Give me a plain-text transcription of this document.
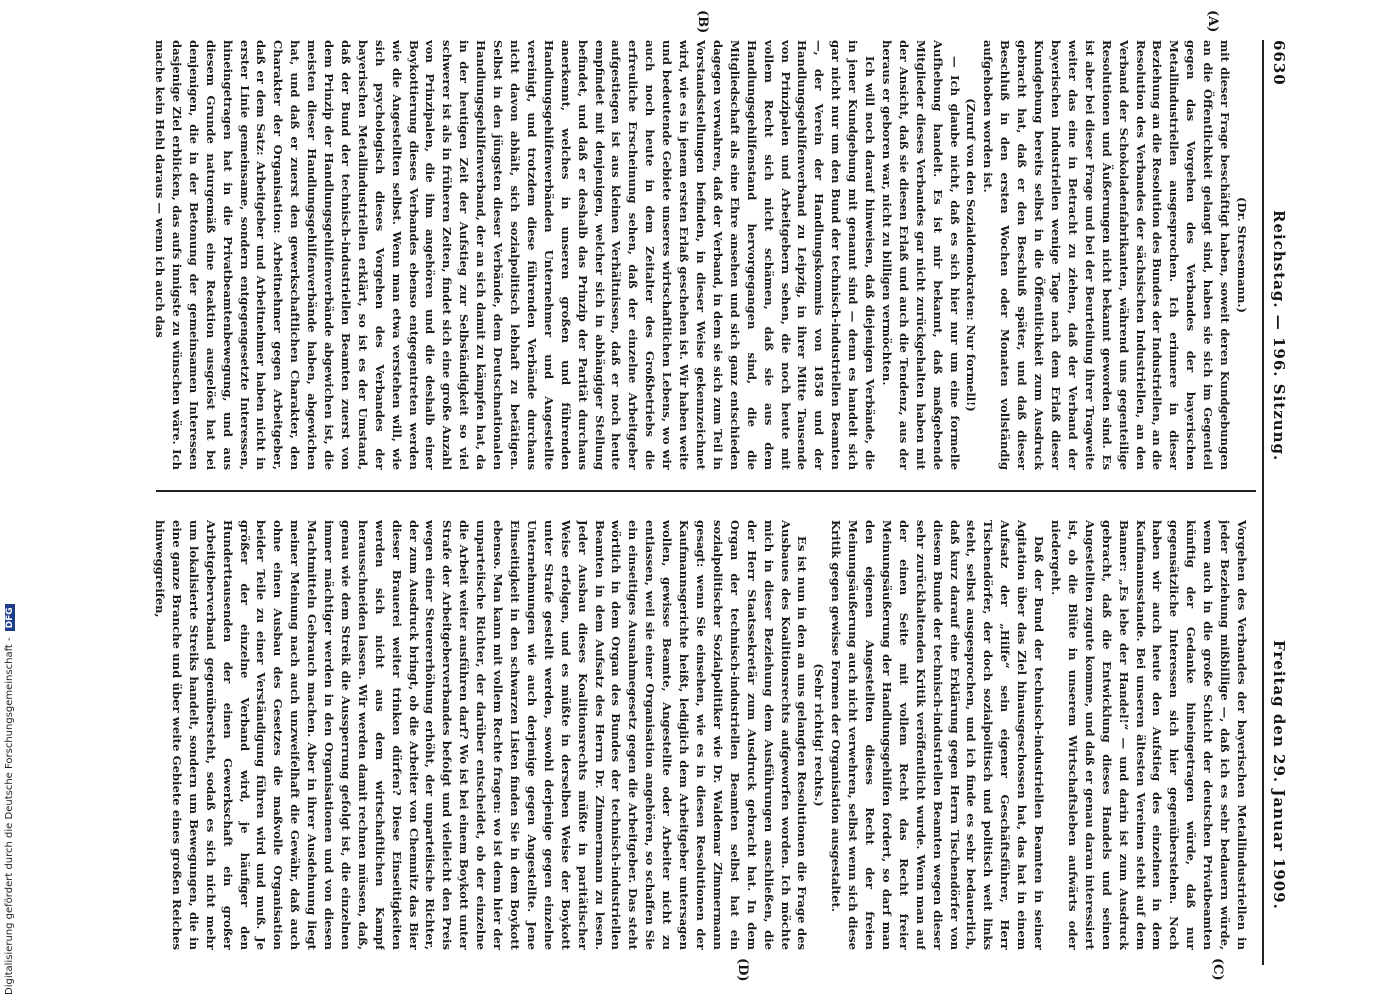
Digitalisierung gefördert durch die Deutsche Forschungsgemeinschaft -DFG
6630
Reichstag. — 196. Sitzung.
Freitag den 29. Januar 1909.
(A)
(B)
(C)
(D)

(Dr. Stresemann.)

mit dieser Frage beschäftigt haben, soweit deren Kundgebungen an die Öffentlichkeit gelangt sind, haben sie sich im Gegenteil gegen das Vorgehen des Verbandes der bayerischen Metallindustriellen ausgesprochen. Ich erinnere in dieser Beziehung an die Resolution des Bundes der Industriellen, an die Resolution des Verbandes der sächsischen Industriellen, an den Verband der Schokoladenfabrikanten, während uns gegenteilige Resolutionen und Äußerungen nicht bekannt geworden sind. Es ist aber bei dieser Frage und bei der Beurteilung ihrer Tragweite weiter das eine in Betracht zu ziehen, daß der Verband der bayerischen Industriellen wenige Tage nach dem Erlaß dieser Kundgebung bereits selbst in die Öffentlichkeit zum Ausdruck gebracht hat, daß er den Beschluß später, und daß dieser Beschluß in den ersten Wochen oder Monaten vollständig aufgehoben worden ist.

(Zuruf von den Sozialdemokraten: Nur formell!)

— Ich glaube nicht, daß es sich hier nur um eine formelle Aufhebung handelt. Es ist mir bekannt, daß maßgebende Mitglieder dieses Verbandes gar nicht zurückgehalten haben mit der Ansicht, daß sie diesen Erlaß und auch die Tendenz, aus der heraus er geboren war, nicht zu billigen vermöchten.

Ich will noch darauf hinweisen, daß diejenigen Verbände, die in jener Kundgebung mit genannt sind — denn es handelt sich gar nicht nur um den Bund der technisch-industriellen Beamten —, der Verein der Handlungskommis von 1858 und der Handlungsgehilfenverband zu Leipzig, in ihrer Mitte Tausende von Prinzipalen und Arbeitgebern sehen, die noch heute mit vollem Recht sich nicht schämen, daß sie aus dem Handlungsgehilfenstand hervorgegangen sind, die die Mitgliedschaft als eine Ehre ansehen und sich ganz entschieden dagegen verwahren, daß der Verband, in dem sie sich zum Teil in Vorstandsstellungen befinden, in dieser Weise gekennzeichnet wird, wie es in jenem ersten Erlaß geschehen ist. Wir haben weite und bedeutende Gebiete unseres wirtschaftlichen Lebens, wo wir auch noch heute in dem Zeitalter des Großbetriebs die erfreuliche Erscheinung sehen, daß der einzelne Arbeitgeber aufgestiegen ist aus kleinen Verhältnissen, daß er noch heute empfindet mit denjenigen, welcher sich in abhängiger Stellung befindet, und daß er deshalb das Prinzip der Parität durchaus anerkennt, welches in unseren großen und führenden Handlungsgehilfenverbänden Unternehmer und Angestellte vereinigt, und trotzdem diese führenden Verbände durchaus nicht davon abhält, sich sozialpolitisch lebhaft zu betätigen. Selbst in den jüngsten dieser Verbände, dem Deutschnationalen Handlungsgehilfenverband, der an sich damit zu kämpfen hat, da in der heutigen Zeit der Aufstieg zur Selbständigkeit so viel schwerer ist als in früheren Zeiten, findet sich eine große Anzahl von Prinzipalen, die ihm angehören und die deshalb einer Boykottierung dieses Verbandes ebenso entgegentreten werden wie die Angestellten selbst. Wenn man etwa verstehen will, wie sich psychologisch dieses Vorgehen des Verbandes der bayerischen Metallindustriellen erklärt, so ist es der Umstand, daß der Bund der technisch-industriellen Beamten zuerst von dem Prinzip der Handlungsgehilfenverbände abgewichen ist, die meisten dieser Handlungsgehilfenverbände haben, abgewichen hat, und daß er zuerst den gewerkschaftlichen Charakter, den Charakter der Organisation: Arbeitnehmer gegen Arbeitgeber, daß er dem Satz: Arbeitgeber und Arbeitnehmer haben nicht in erster Linie gemeinsame, sondern entgegengesetzte Interessen, hineingetragen hat in die Privatbeamtenbewegung, und aus diesem Grunde naturgemäß eine Reaktion ausgelöst hat bei denjenigen, die in der Betonung der gemeinsamen Interessen dasjenige Ziel erblicken, das aufs innigste zu wünschen wäre. Ich mache kein Hehl daraus — wenn ich auch das

Vorgehen des Verbandes der bayerischen Metallindustriellen in jeder Beziehung mißbillige —, daß ich es sehr bedauern würde, wenn auch in die große Schicht der deutschen Privatbeamten künftig der Gedanke hineingetragen würde, daß nur gegensätzliche Interessen sich hier gegenüberstehen. Noch haben wir auch heute den Aufstieg des einzelnen in dem Kaufmannsstande. Bei unseren ältesten Vereinen steht auf dem Banner: „Es lebe der Handel!“ — und darin ist zum Ausdruck gebracht, daß die Entwicklung dieses Handels und seinen Angestellten zugute komme, und daß er genau daran interessiert ist, ob die Blüte in unserem Wirtschaftsleben aufwärts oder niedergeht.

Daß der Bund der technisch-industriellen Beamten in seiner Agitation über das Ziel hinausgeschossen hat, das hat in einem Aufsatz der „Hilfe“ sein eigener Geschäftsführer, Herr Tischendörfer, der doch sozialpolitisch und politisch weit links steht, selbst ausgesprochen, und ich finde es sehr bedauerlich, daß kurz darauf eine Erklärung gegen Herrn Tischendörfer von diesem Bunde der technisch-industriellen Beamten wegen dieser sehr zurückhaltenden Kritik veröffentlicht wurde. Wenn man auf der einen Seite mit vollem Recht das Recht freier Meinungsäußerung der Handlungsgehilfen fordert, so darf man den eigenen Angestellten dieses Recht der freien Meinungsäußerung auch nicht verwehren, selbst wenn sich diese Kritik gegen gewisse Formen der Organisation ausgestaltet.

(Sehr richtig! rechts.)

Es ist nun in den an uns gelangten Resolutionen die Frage des Ausbaues des Koalitionsrechts aufgeworfen worden. Ich möchte mich in dieser Beziehung dem Ausführungen anschließen, die der Herr Staatssekretär zum Ausdruck gebracht hat. In dem Organ der technisch-industriellen Beamten selbst hat ein sozialpolitischer Sozialpolitiker wie Dr. Waldemar Zimmermann gesagt: wenn Sie einsehen, wie es in diesen Resolutionen der Kaufmannsgerichte heißt, lediglich dem Arbeitgeber untersagen wollen, gewisse Beamte, Angestellte oder Arbeiter nicht zu entlassen, weil sie einer Organisation angehören, so schaffen Sie ein einseitiges Ausnahmegesetz gegen die Arbeitgeber. Das steht wörtlich in dem Organ des Bundes der technisch-industriellen Beamten in dem Aufsatz des Herrn Dr. Zimmermann zu lesen. Jeder Ausbau dieses Koalitionsrechts müßte in paritätischer Weise erfolgen, und es müßte in derselben Weise der Boykott unter Strafe gestellt werden, sowohl derjenige gegen einzelne Unternehmungen wie auch derjenige gegen Angestellte. Jene Einseitigkeit in den schwarzen Listen finden Sie in dem Boykott ebenso. Man kann mit vollem Rechte fragen: wo ist denn hier der unparteiische Richter, der darüber entscheidet, ob der einzelne die Arbeit weiter ausführen darf? Wo ist bei einem Boykott unter Strafe der Arbeitgeberverbandes befolgt und vielleicht den Preis wegen einer Steuererhöhung erhöht, der unparteiische Richter, der zum Ausdruck bringt, ob die Arbeiter von Chemnitz das Bier dieser Brauerei weiter trinken dürfen? Diese Einseitigkeiten werden sich nicht aus dem wirtschaftlichen Kampf herausschneiden lassen. Wir werden damit rechnen müssen, daß, genau wie dem Streik die Aussperrung gefolgt ist, die einzelnen immer mächtiger werden in den Organisationen und von diesen Machtmitteln Gebrauch machen. Aber in ihrer Ausdehnung liegt meiner Meinung nach auch unzweifelhaft die Gewähr, daß auch ohne einen Ausbau des Gesetzes die maßvolle Organisation beider Teile zu einer Verständigung führen wird und muß. Je größer der einzelne Verband wird, je häufiger den Hunderttausenden der einen Gewerkschaft ein großer Arbeitgeberverband gegenübersteht, sodaß es sich nicht mehr um lokalisierte Streiks handelt, sondern um Bewegungen, die in eine ganze Branche und über weite Gebiete eines großen Reiches hinweggreifen,
